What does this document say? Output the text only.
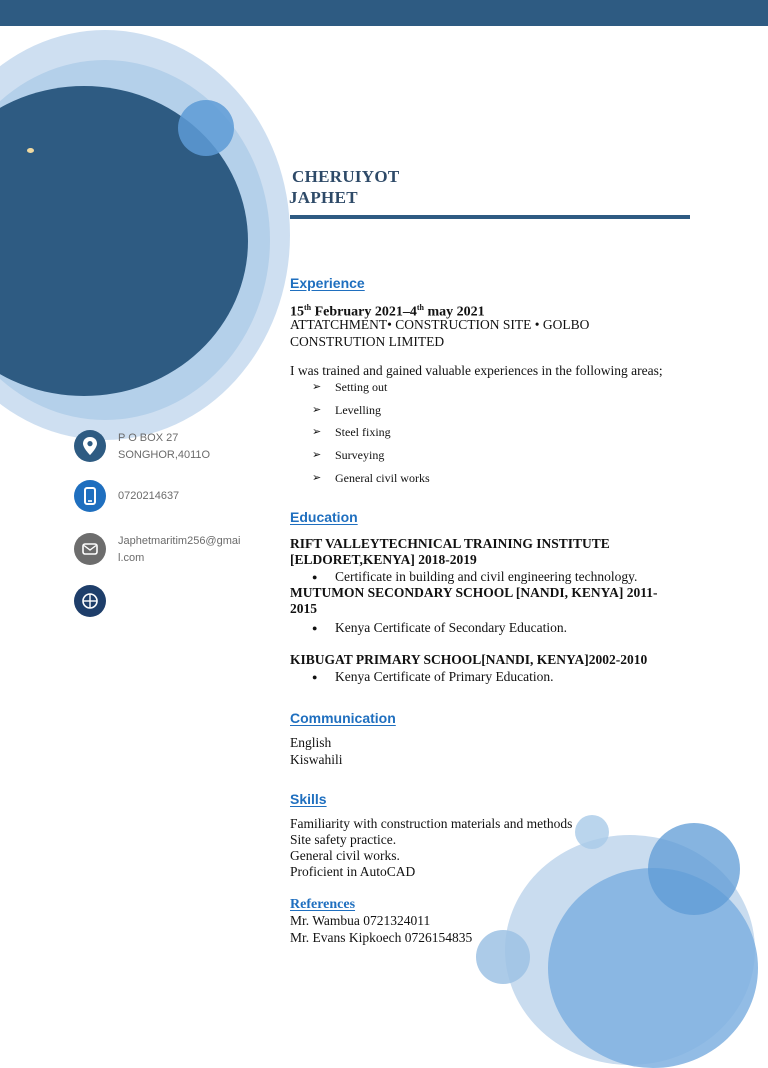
CHERUIYOT
JAPHET
P O BOX 27
SONGHOR,4011O
0720214637
Japhetmaritim256@gmai
l.com
Experience
15th February 2021–4th may 2021
ATTATCHMENT• CONSTRUCTION SITE • GOLBO
CONSTRUTION LIMITED
I was trained and gained valuable experiences in the following areas;
➢ Setting out
➢ Levelling
➢ Steel fixing
➢ Surveying
➢ General civil works
Education
RIFT VALLEYTECHNICAL TRAINING INSTITUTE
[ELDORET,KENYA] 2018-2019
● Certificate in building and civil engineering technology.
MUTUMON SECONDARY SCHOOL [NANDI, KENYA] 2011-
2015
● Kenya Certificate of Secondary Education.
KIBUGAT PRIMARY SCHOOL[NANDI, KENYA]2002-2010
● Kenya Certificate of Primary Education.
Communication
English
Kiswahili
Skills
Familiarity with construction materials and methods
Site safety practice.
General civil works.
Proficient in AutoCAD
References
Mr. Wambua 0721324011
Mr. Evans Kipkoech 0726154835
